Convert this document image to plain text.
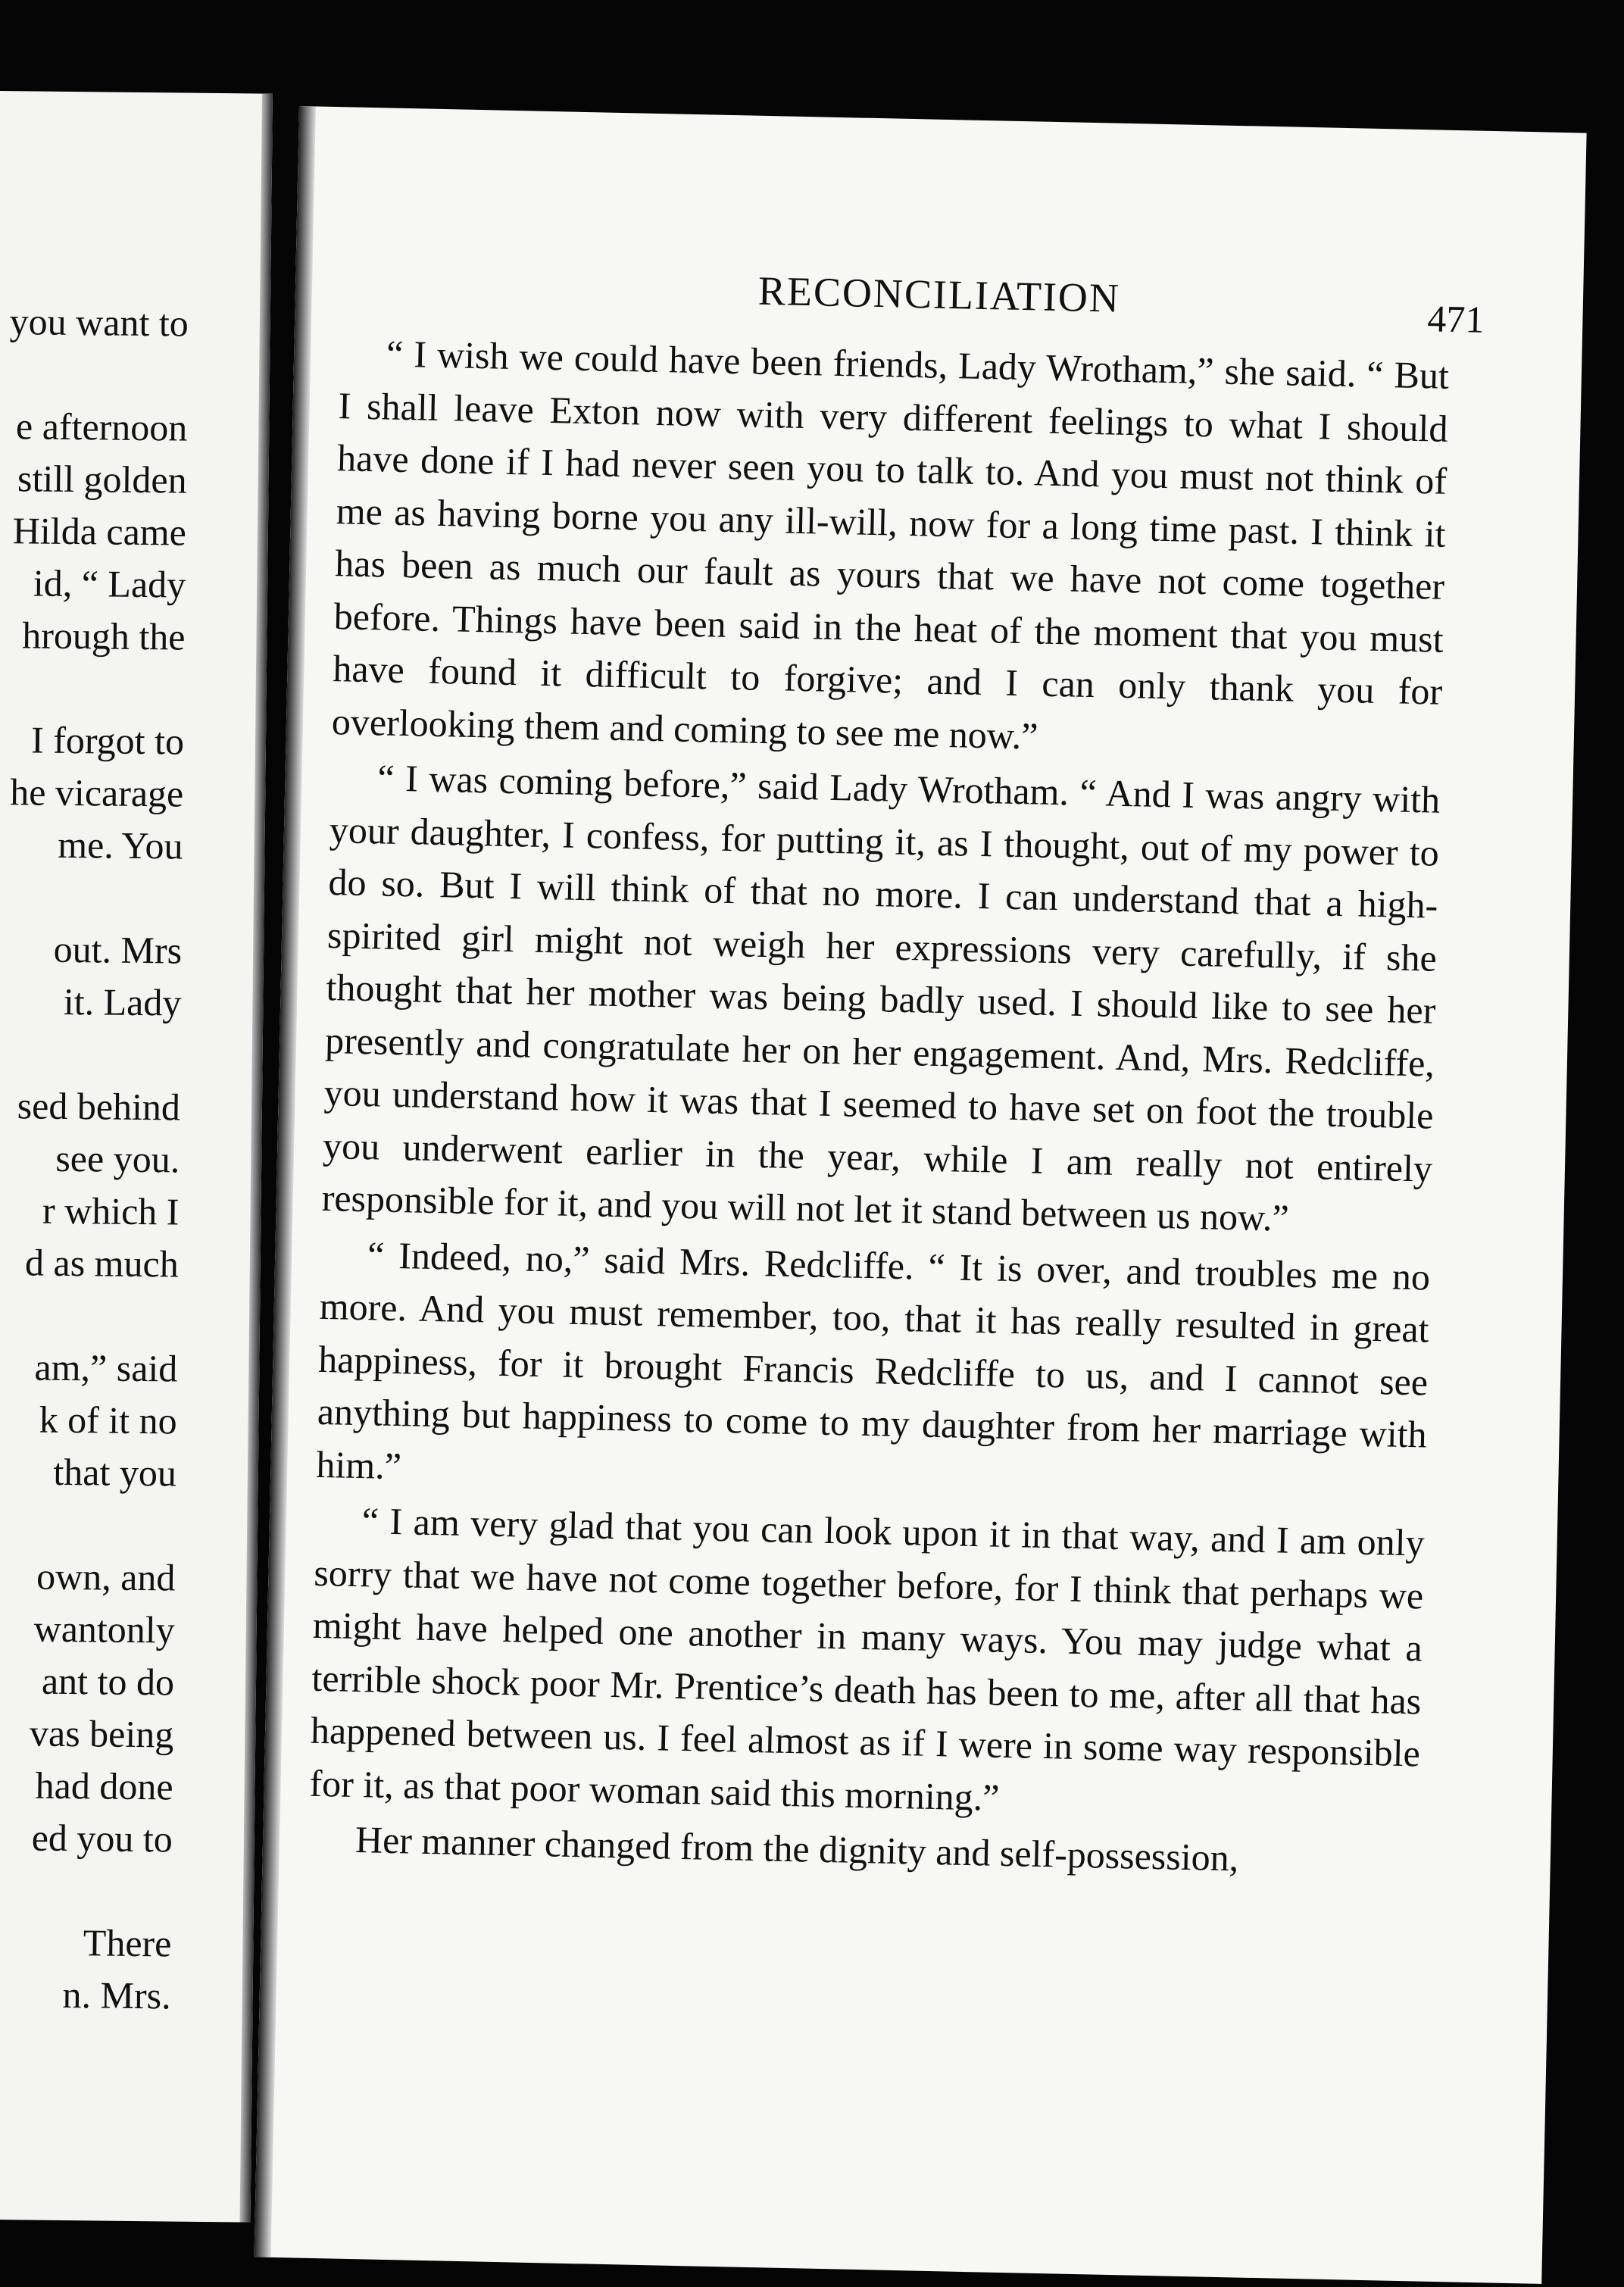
you want to
e afternoon
still golden
Hilda came
id, “ Lady
hrough the
I forgot to
he vicarage
me. You
out. Mrs
it. Lady
sed behind
see you.
r which I
d as much
am,” said
k of it no
that you
own, and
wantonly
ant to do
vas being
had done
ed you to
There
n. Mrs.
RECONCILIATION	471

“ I wish we could have been friends, Lady Wrotham,” she said. “ But I shall leave Exton now with very different feelings to what I should have done if I had never seen you to talk to. And you must not think of me as having borne you any ill-will, now for a long time past. I think it has been as much our fault as yours that we have not come together before. Things have been said in the heat of the moment that you must have found it difficult to forgive; and I can only thank you for overlooking them and coming to see me now.”

“ I was coming before,” said Lady Wrotham. “ And I was angry with your daughter, I confess, for putting it, as I thought, out of my power to do so. But I will think of that no more. I can understand that a high-spirited girl might not weigh her expressions very carefully, if she thought that her mother was being badly used. I should like to see her presently and congratulate her on her engagement. And, Mrs. Redcliffe, you understand how it was that I seemed to have set on foot the trouble you underwent earlier in the year, while I am really not entirely responsible for it, and you will not let it stand between us now.”

“ Indeed, no,” said Mrs. Redcliffe. “ It is over, and troubles me no more. And you must remember, too, that it has really resulted in great happiness, for it brought Francis Redcliffe to us, and I cannot see anything but happiness to come to my daughter from her marriage with him.”

“ I am very glad that you can look upon it in that way, and I am only sorry that we have not come together before, for I think that perhaps we might have helped one another in many ways. You may judge what a terrible shock poor Mr. Prentice’s death has been to me, after all that has happened between us. I feel almost as if I were in some way responsible for it, as that poor woman said this morning.”

Her manner changed from the dignity and self-possession,
